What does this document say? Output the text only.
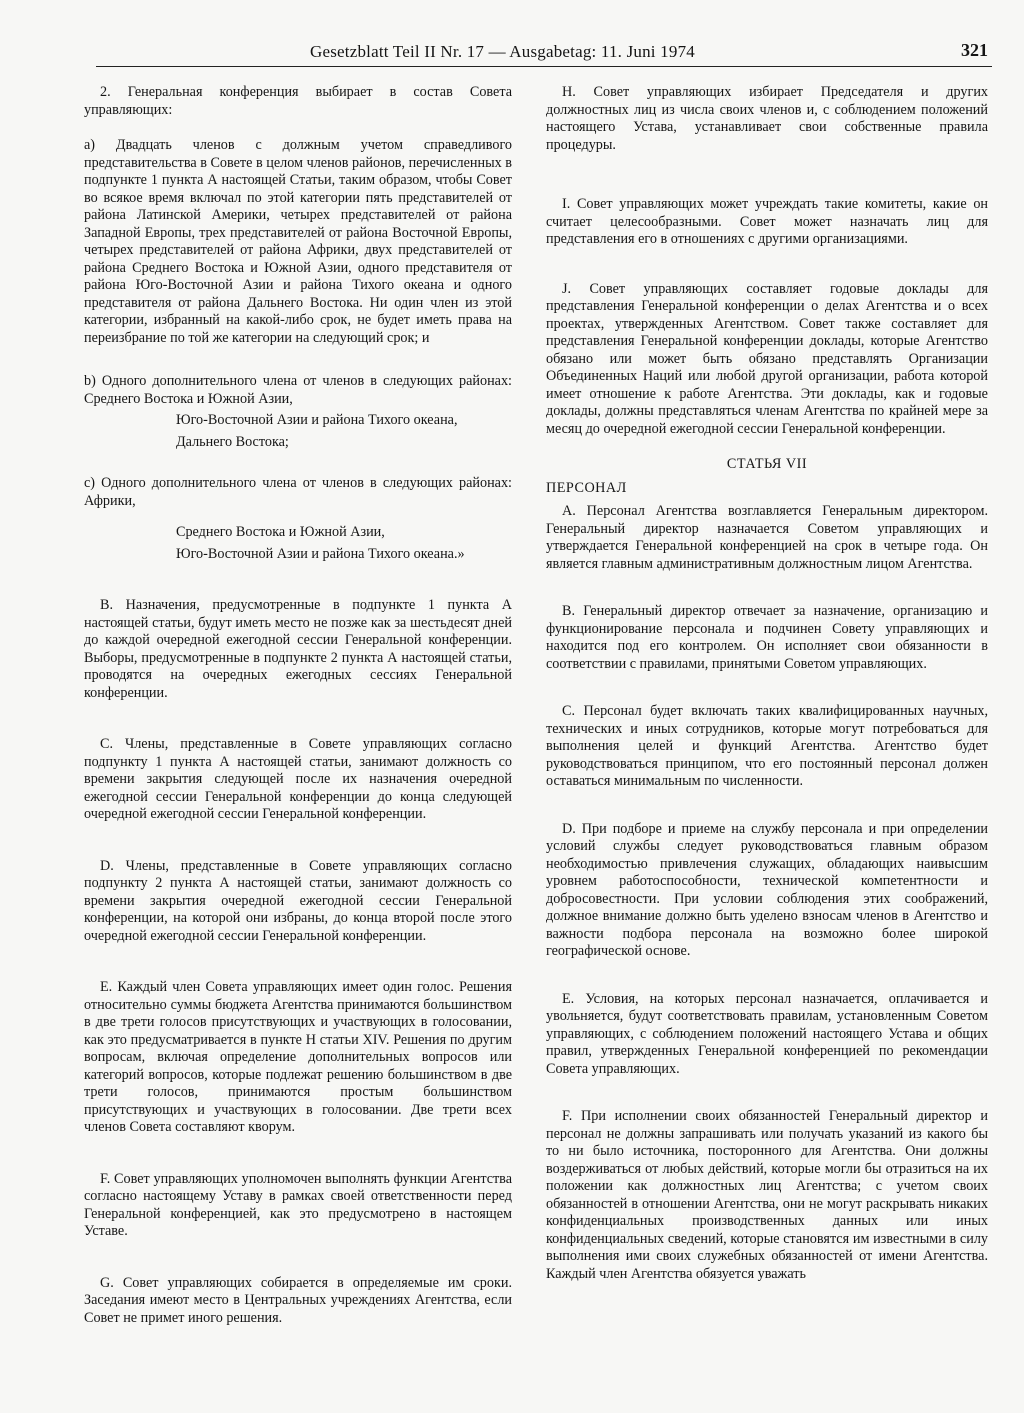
Gesetzblatt Teil II Nr. 17 — Ausgabetag: 11. Juni 1974	321

2. Генеральная конференция выбирает в состав Совета управляющих:

a) Двадцать членов с должным учетом справедливого представительства в Совете в целом членов районов, перечисленных в подпункте 1 пункта А настоящей Статьи, таким образом, чтобы Совет во всякое время включал по этой категории пять представителей от района Латинской Америки, четырех представителей от района Западной Европы, трех представителей от района Восточной Европы, четырех представителей от района Африки, двух представителей от района Среднего Востока и Южной Азии, одного представителя от района Юго-Восточной Азии и района Тихого океана и одного представителя от района Дальнего Востока. Ни один член из этой категории, избранный на какой-либо срок, не будет иметь права на переизбрание по той же категории на следующий срок; и

b) Одного дополнительного члена от членов в следующих районах: Среднего Востока и Южной Азии,

Юго-Восточной Азии и района Тихого океана,
Дальнего Востока;

c) Одного дополнительного члена от членов в следующих районах: Африки,

Среднего Востока и Южной Азии,
Юго-Восточной Азии и района Тихого океана.»

B. Назначения, предусмотренные в подпункте 1 пункта А настоящей статьи, будут иметь место не позже как за шестьдесят дней до каждой очередной ежегодной сессии Генеральной конференции. Выборы, предусмотренные в подпункте 2 пункта А настоящей статьи, проводятся на очередных ежегодных сессиях Генеральной конференции.

C. Члены, представленные в Совете управляющих согласно подпункту 1 пункта А настоящей статьи, занимают должность со времени закрытия следующей после их назначения очередной ежегодной сессии Генеральной конференции до конца следующей очередной ежегодной сессии Генеральной конференции.

D. Члены, представленные в Совете управляющих согласно подпункту 2 пункта А настоящей статьи, занимают должность со времени закрытия очередной ежегодной сессии Генеральной конференции, на которой они избраны, до конца второй после этого очередной ежегодной сессии Генеральной конференции.

E. Каждый член Совета управляющих имеет один голос. Решения относительно суммы бюджета Агентства принимаются большинством в две трети голосов присутствующих и участвующих в голосовании, как это предусматривается в пункте H статьи XIV. Решения по другим вопросам, включая определение дополнительных вопросов или категорий вопросов, которые подлежат решению большинством в две трети голосов, принимаются простым большинством присутствующих и участвующих в голосовании. Две трети всех членов Совета составляют кворум.

F. Совет управляющих уполномочен выполнять функции Агентства согласно настоящему Уставу в рамках своей ответственности перед Генеральной конференцией, как это предусмотрено в настоящем Уставе.

G. Совет управляющих собирается в определяемые им сроки. Заседания имеют место в Центральных учреждениях Агентства, если Совет не примет иного решения.

H. Совет управляющих избирает Председателя и других должностных лиц из числа своих членов и, с соблюдением положений настоящего Устава, устанавливает свои собственные правила процедуры.

I. Совет управляющих может учреждать такие комитеты, какие он считает целесообразными. Совет может назначать лиц для представления его в отношениях с другими организациями.

J. Совет управляющих составляет годовые доклады для представления Генеральной конференции о делах Агентства и о всех проектах, утвержденных Агентством. Совет также составляет для представления Генеральной конференции доклады, которые Агентство обязано или может быть обязано представлять Организации Объединенных Наций или любой другой организации, работа которой имеет отношение к работе Агентства. Эти доклады, как и годовые доклады, должны представляться членам Агентства по крайней мере за месяц до очередной ежегодной сессии Генеральной конференции.

СТАТЬЯ VII
ПЕРСОНАЛ

A. Персонал Агентства возглавляется Генеральным директором. Генеральный директор назначается Советом управляющих и утверждается Генеральной конференцией на срок в четыре года. Он является главным административным должностным лицом Агентства.

B. Генеральный директор отвечает за назначение, организацию и функционирование персонала и подчинен Совету управляющих и находится под его контролем. Он исполняет свои обязанности в соответствии с правилами, принятыми Советом управляющих.

C. Персонал будет включать таких квалифицированных научных, технических и иных сотрудников, которые могут потребоваться для выполнения целей и функций Агентства. Агентство будет руководствоваться принципом, что его постоянный персонал должен оставаться минимальным по численности.

D. При подборе и приеме на службу персонала и при определении условий службы следует руководствоваться главным образом необходимостью привлечения служащих, обладающих наивысшим уровнем работоспособности, технической компетентности и добросовестности. При условии соблюдения этих соображений, должное внимание должно быть уделено взносам членов в Агентство и важности подбора персонала на возможно более широкой географической основе.

E. Условия, на которых персонал назначается, оплачивается и увольняется, будут соответствовать правилам, установленным Советом управляющих, с соблюдением положений настоящего Устава и общих правил, утвержденных Генеральной конференцией по рекомендации Совета управляющих.

F. При исполнении своих обязанностей Генеральный директор и персонал не должны запрашивать или получать указаний из какого бы то ни было источника, посторонного для Агентства. Они должны воздерживаться от любых действий, которые могли бы отразиться на их положении как должностных лиц Агентства; с учетом своих обязанностей в отношении Агентства, они не могут раскрывать никаких конфиденциальных производственных данных или иных конфиденциальных сведений, которые становятся им известными в силу выполнения ими своих служебных обязанностей от имени Агентства. Каждый член Агентства обязуется уважать
